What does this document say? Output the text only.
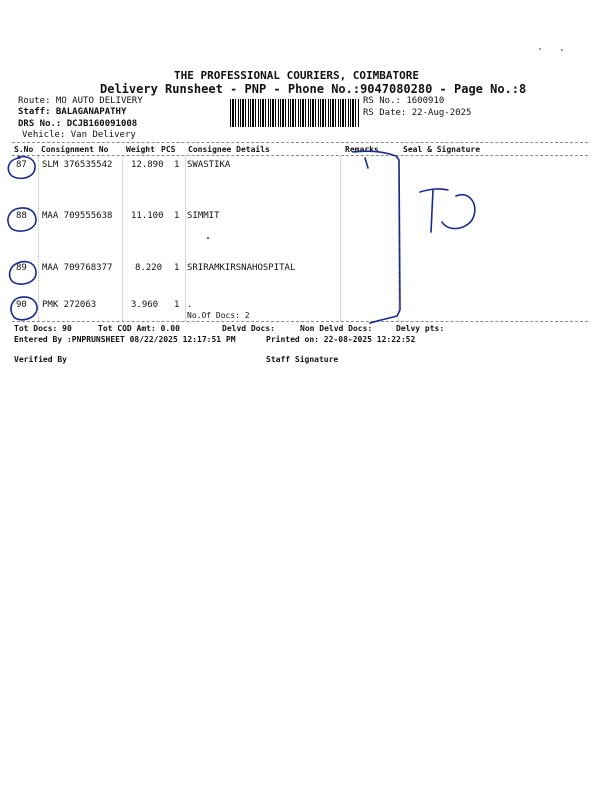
THE PROFESSIONAL COURIERS, COIMBATORE
Delivery Runsheet - PNP - Phone No.:9047080280 - Page No.:8
Route: MO AUTO DELIVERY
Staff: BALAGANAPATHY
DRS No.: DCJB160091008
Vehicle: Van Delivery
RS No.: 1600910
RS Date: 22-Aug-2025
S.No Consignment No Weight PCS Consignee Details	Remarks	Seal & Signature
87 SLM 376535542 12.890 1 SWASTIKA
88 MAA 709555638 11.100 1 SIMMIT
89 MAA 709768377	8.220 1 SRIRAMKIRSNAHOSPITAL
90 PMK 272063	3.960 1 .
No.Of Docs: 2
Tot Docs: 90	Tot COD Amt: 0.00	Delvd Docs:	Non Delvd Docs:	Delvy pts:
Entered By :PNPRUNSHEET 08/22/2025 12:17:51 PM	Printed on: 22-08-2025 12:22:52
Verified By	Staff Signature
